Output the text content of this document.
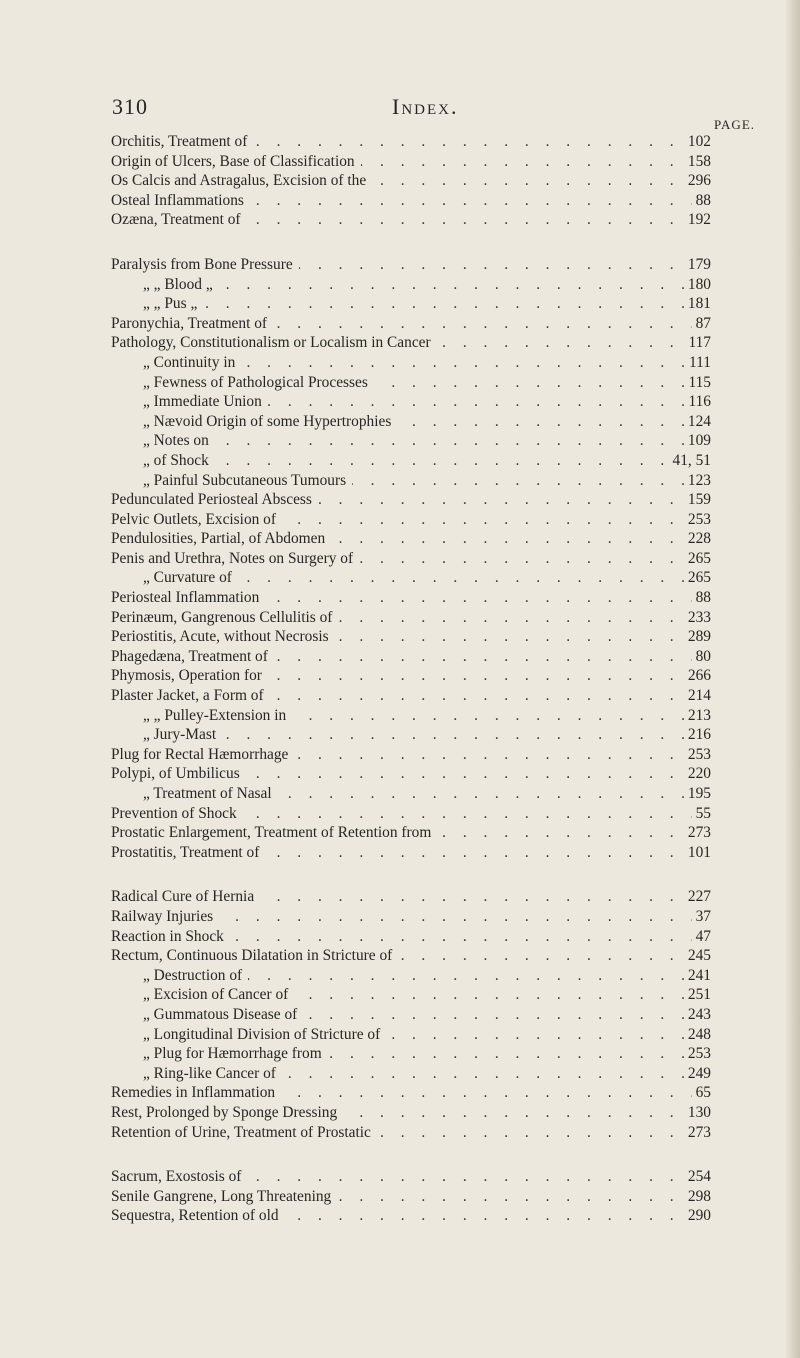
310	Index.
PAGE.
. . .
Orchitis, Treatment of	102
. . .
Origin of Ulcers, Base of Classification	158
. . .
Os Calcis and Astragalus, Excision of the	296
. . .
Osteal Inflammations	88
. . .
Ozæna, Treatment of	192
. . .
Paralysis from Bone Pressure	179
. . .
„ „ Blood „	180
. . .
„ „ Pus „	181
. . .
Paronychia, Treatment of	87
. . .
Pathology, Constitutionalism or Localism in Cancer	117
. . .
„ Continuity in	111
. . .
„ Fewness of Pathological Processes	115
. . .
„ Immediate Union	116
. . .
„ Nævoid Origin of some Hypertrophies	124
. . .
„ Notes on	109
. . .
„ of Shock	41, 51
. . .
„ Painful Subcutaneous Tumours	123
. . .
Pedunculated Periosteal Abscess	159
. . .
Pelvic Outlets, Excision of	253
. . .
Pendulosities, Partial, of Abdomen	228
. . .
Penis and Urethra, Notes on Surgery of	265
. . .
„ Curvature of	265
. . .
Periosteal Inflammation	88
. . .
Perinæum, Gangrenous Cellulitis of	233
. . .
Periostitis, Acute, without Necrosis	289
. . .
Phagedæna, Treatment of	80
. . .
Phymosis, Operation for	266
. . .
Plaster Jacket, a Form of	214
. . .
„ „ Pulley-Extension in	213
. . .
„ Jury-Mast	216
. . .
Plug for Rectal Hæmorrhage	253
. . .
Polypi, of Umbilicus	220
. . .
„ Treatment of Nasal	195
. . .
Prevention of Shock	55
. . .
Prostatic Enlargement, Treatment of Retention from	273
. . .
Prostatitis, Treatment of	101
. . .
Radical Cure of Hernia	227
. . .
Railway Injuries	37
. . .
Reaction in Shock	47
. . .
Rectum, Continuous Dilatation in Stricture of	245
. . .
„ Destruction of	241
. . .
„ Excision of Cancer of	251
. . .
„ Gummatous Disease of	243
. . .
„ Longitudinal Division of Stricture of	248
. . .
„ Plug for Hæmorrhage from	253
. . .
„ Ring-like Cancer of	249
. . .
Remedies in Inflammation	65
. . .
Rest, Prolonged by Sponge Dressing	130
. . .
Retention of Urine, Treatment of Prostatic	273
. . .
Sacrum, Exostosis of	254
. . .
Senile Gangrene, Long Threatening	298
. . .
Sequestra, Retention of old	290
